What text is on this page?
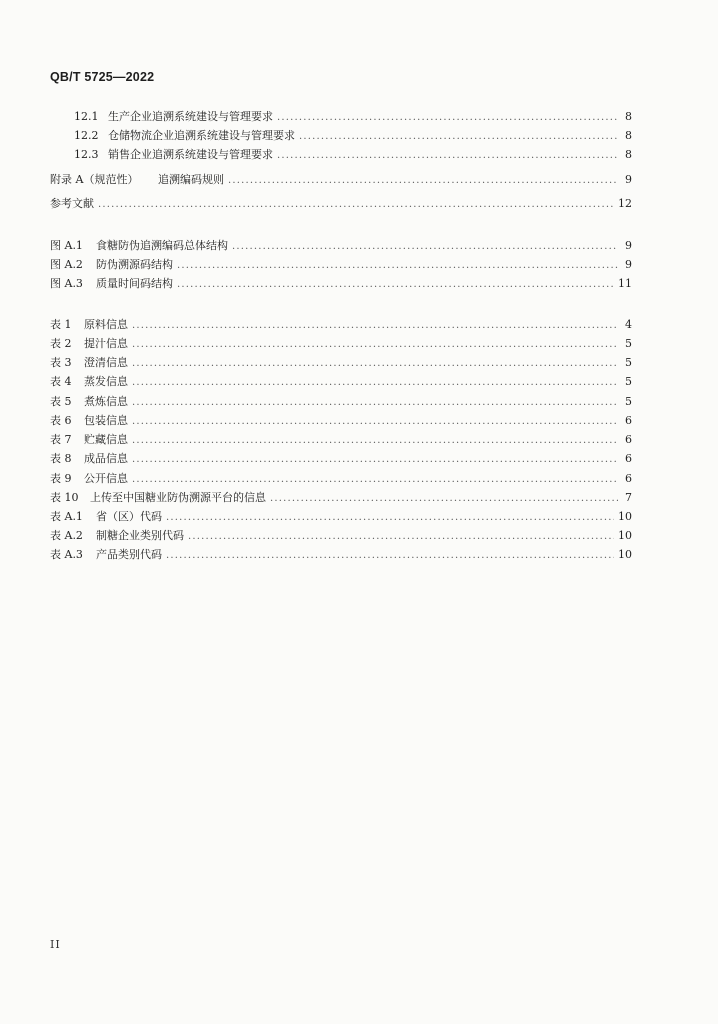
QB/T 5725—2022
12.1 生产企业追溯系统建设与管理要求 .....	8
12.2 仓储物流企业追溯系统建设与管理要求 .....	8
12.3 销售企业追溯系统建设与管理要求 .....	8
附录 A（规范性）	追溯编码规则 .....	9
参考文献 .....	12
图 A.1	食糖防伪追溯编码总体结构 .....	9
图 A.2	防伪溯源码结构 .....	9
图 A.3	质量时间码结构 .....	11
表 1	原料信息 .....	4
表 2	提汁信息 .....	5
表 3	澄清信息 .....	5
表 4	蒸发信息 .....	5
表 5	煮炼信息 .....	5
表 6	包装信息 .....	6
表 7	贮藏信息 .....	6
表 8	成品信息 .....	6
表 9	公开信息 .....	6
表 10	上传至中国糖业防伪溯源平台的信息 .....	7
表 A.1	省（区）代码 .....	10
表 A.2	制糖企业类别代码 .....	10
表 A.3	产品类别代码 .....	10
II
